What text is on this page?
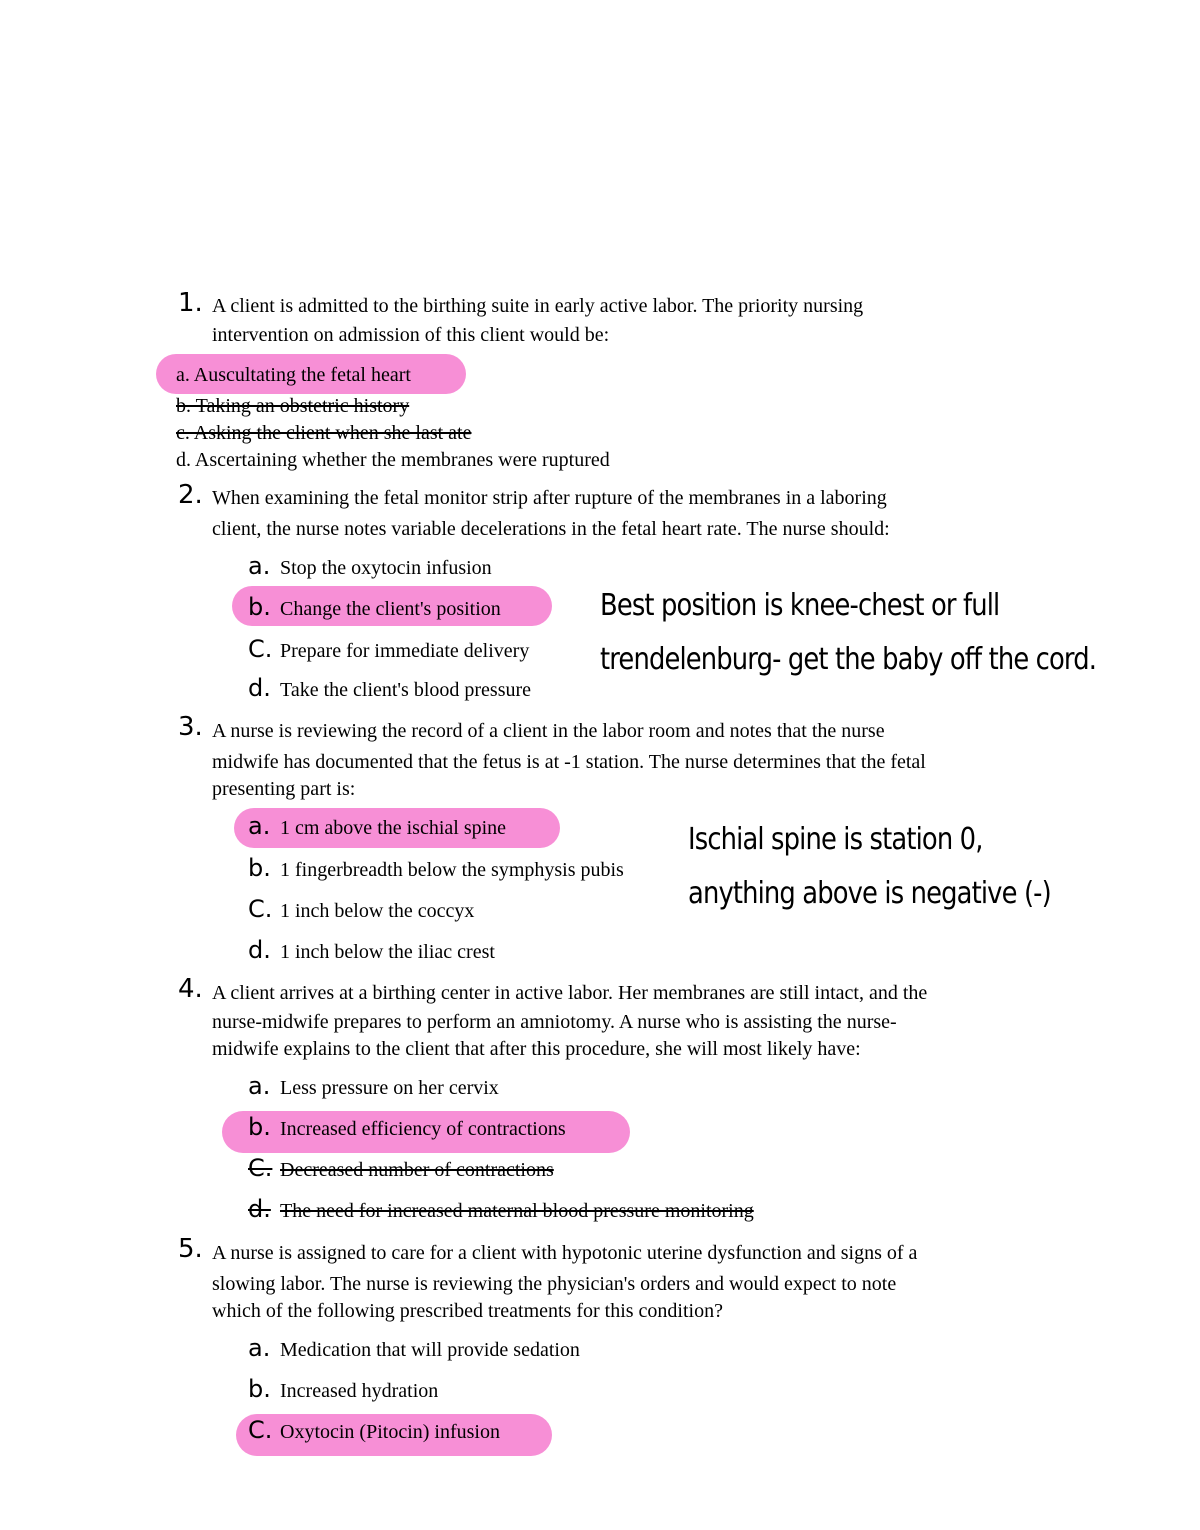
1. A client is admitted to the birthing suite in early active labor. The priority nursing
intervention on admission of this client would be:
a. Auscultating the fetal heart
b. Taking an obstetric history
c. Asking the client when she last ate
d. Ascertaining whether the membranes were ruptured
2. When examining the fetal monitor strip after rupture of the membranes in a laboring
client, the nurse notes variable decelerations in the fetal heart rate. The nurse should:
a. Stop the oxytocin infusion
b. Change the client's position
C. Prepare for immediate delivery
d. Take the client's blood pressure
Best position is knee-chest or full
trendelenburg- get the baby off the cord.
3. A nurse is reviewing the record of a client in the labor room and notes that the nurse
midwife has documented that the fetus is at -1 station. The nurse determines that the fetal
presenting part is:
a. 1 cm above the ischial spine
b. 1 fingerbreadth below the symphysis pubis
C. 1 inch below the coccyx
d. 1 inch below the iliac crest
Ischial spine is station 0,
anything above is negative (-)
4. A client arrives at a birthing center in active labor. Her membranes are still intact, and the
nurse-midwife prepares to perform an amniotomy. A nurse who is assisting the nurse-
midwife explains to the client that after this procedure, she will most likely have:
a. Less pressure on her cervix
b. Increased efficiency of contractions
C. Decreased number of contractions
d. The need for increased maternal blood pressure monitoring
5. A nurse is assigned to care for a client with hypotonic uterine dysfunction and signs of a
slowing labor. The nurse is reviewing the physician's orders and would expect to note
which of the following prescribed treatments for this condition?
a. Medication that will provide sedation
b. Increased hydration
C. Oxytocin (Pitocin) infusion
